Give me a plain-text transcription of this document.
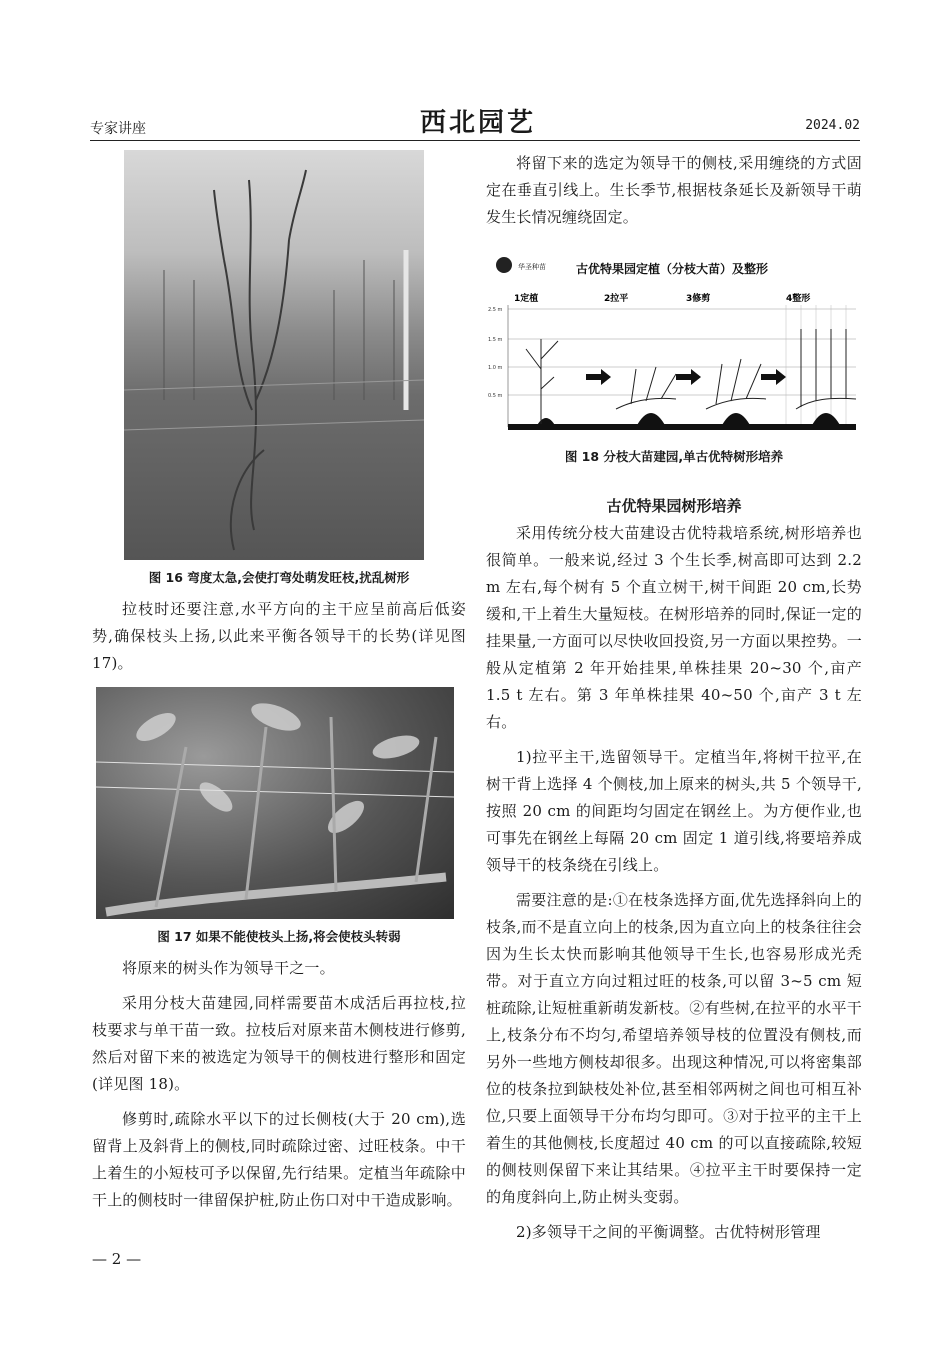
专家讲座	西北园艺	2024.02
图 16 弯度太急,会使打弯处萌发旺枝,扰乱树形

拉枝时还要注意,水平方向的主干应呈前高后低姿势,确保枝头上扬,以此来平衡各领导干的长势(详见图 17)。

图 17 如果不能使枝头上扬,将会使枝头转弱

将原来的树头作为领导干之一。

采用分枝大苗建园,同样需要苗木成活后再拉枝,拉枝要求与单干苗一致。拉枝后对原来苗木侧枝进行修剪,然后对留下来的被选定为领导干的侧枝进行整形和固定(详见图 18)。

修剪时,疏除水平以下的过长侧枝(大于 20 cm),选留背上及斜背上的侧枝,同时疏除过密、过旺枝条。中干上着生的小短枝可予以保留,先行结果。定植当年疏除中干上的侧枝时一律留保护桩,防止伤口对中干造成影响。

将留下来的选定为领导干的侧枝,采用缠绕的方式固定在垂直引线上。生长季节,根据枝条延长及新领导干萌发生长情况缠绕固定。

华圣种苗	古优特果园定植（分枝大苗）及整形
1定植	2拉平	3修剪	4整形
2.5 m
1.5 m
1.0 m
0.5 m
图 18 分枝大苗建园,单古优特树形培养
古优特果园树形培养

采用传统分枝大苗建设古优特栽培系统,树形培养也很简单。一般来说,经过 3 个生长季,树高即可达到 2.2 m 左右,每个树有 5 个直立树干,树干间距 20 cm,长势缓和,干上着生大量短枝。在树形培养的同时,保证一定的挂果量,一方面可以尽快收回投资,另一方面以果控势。一般从定植第 2 年开始挂果,单株挂果 20~30 个,亩产 1.5 t 左右。第 3 年单株挂果 40~50 个,亩产 3 t 左右。

1)拉平主干,选留领导干。定植当年,将树干拉平,在树干背上选择 4 个侧枝,加上原来的树头,共 5 个领导干,按照 20 cm 的间距均匀固定在钢丝上。为方便作业,也可事先在钢丝上每隔 20 cm 固定 1 道引线,将要培养成领导干的枝条绕在引线上。

需要注意的是:①在枝条选择方面,优先选择斜向上的枝条,而不是直立向上的枝条,因为直立向上的枝条往往会因为生长太快而影响其他领导干生长,也容易形成光秃带。对于直立方向过粗过旺的枝条,可以留 3~5 cm 短桩疏除,让短桩重新萌发新枝。②有些树,在拉平的水平干上,枝条分布不均匀,希望培养领导枝的位置没有侧枝,而另外一些地方侧枝却很多。出现这种情况,可以将密集部位的枝条拉到缺枝处补位,甚至相邻两树之间也可相互补位,只要上面领导干分布均匀即可。③对于拉平的主干上着生的其他侧枝,长度超过 40 cm 的可以直接疏除,较短的侧枝则保留下来让其结果。④拉平主干时要保持一定的角度斜向上,防止树头变弱。

2)多领导干之间的平衡调整。古优特树形管理

— 2 —
